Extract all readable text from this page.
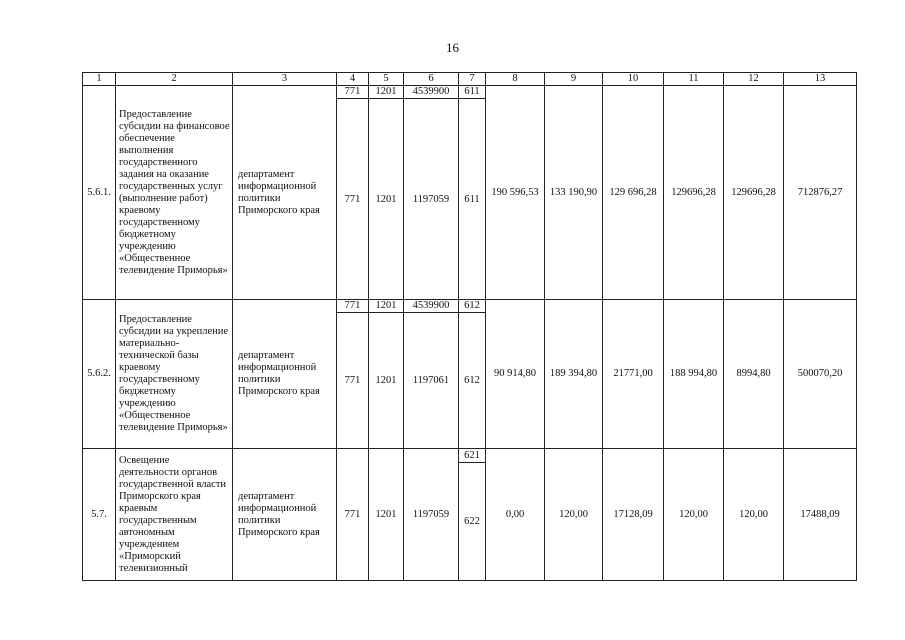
16
1	2	3	4	5	6	7	8	9	10	11	12	13
5.6.1.	Предоставление субсидии на финансовое обеспечение выполнения государственного задания на оказание государственных услуг (выполнение работ) краевому государственному бюджетному учреждению «Общественное телевидение Приморья»	департамент информационной политики Приморского края	771	1201	4539900	611	190 596,53	133 190,90	129 696,28	129696,28	129696,28	712876,27
			771	1201	1197059	611						
5.6.2.	Предоставление субсидии на укрепление материально-технической базы краевому государственному бюджетному учреждению «Общественное телевидение Приморья»	департамент информационной политики Приморского края	771	1201	4539900	612	90 914,80	189 394,80	21771,00	188 994,80	8994,80	500070,20
			771	1201	1197061	612						
5.7.	Освещение деятельности органов государственной власти Приморского края краевым государственным автономным учреждением «Приморский телевизионный	департамент информационной политики Приморского края	771	1201	1197059	621	0,00	120,00	17128,09	120,00	120,00	17488,09
						622						
